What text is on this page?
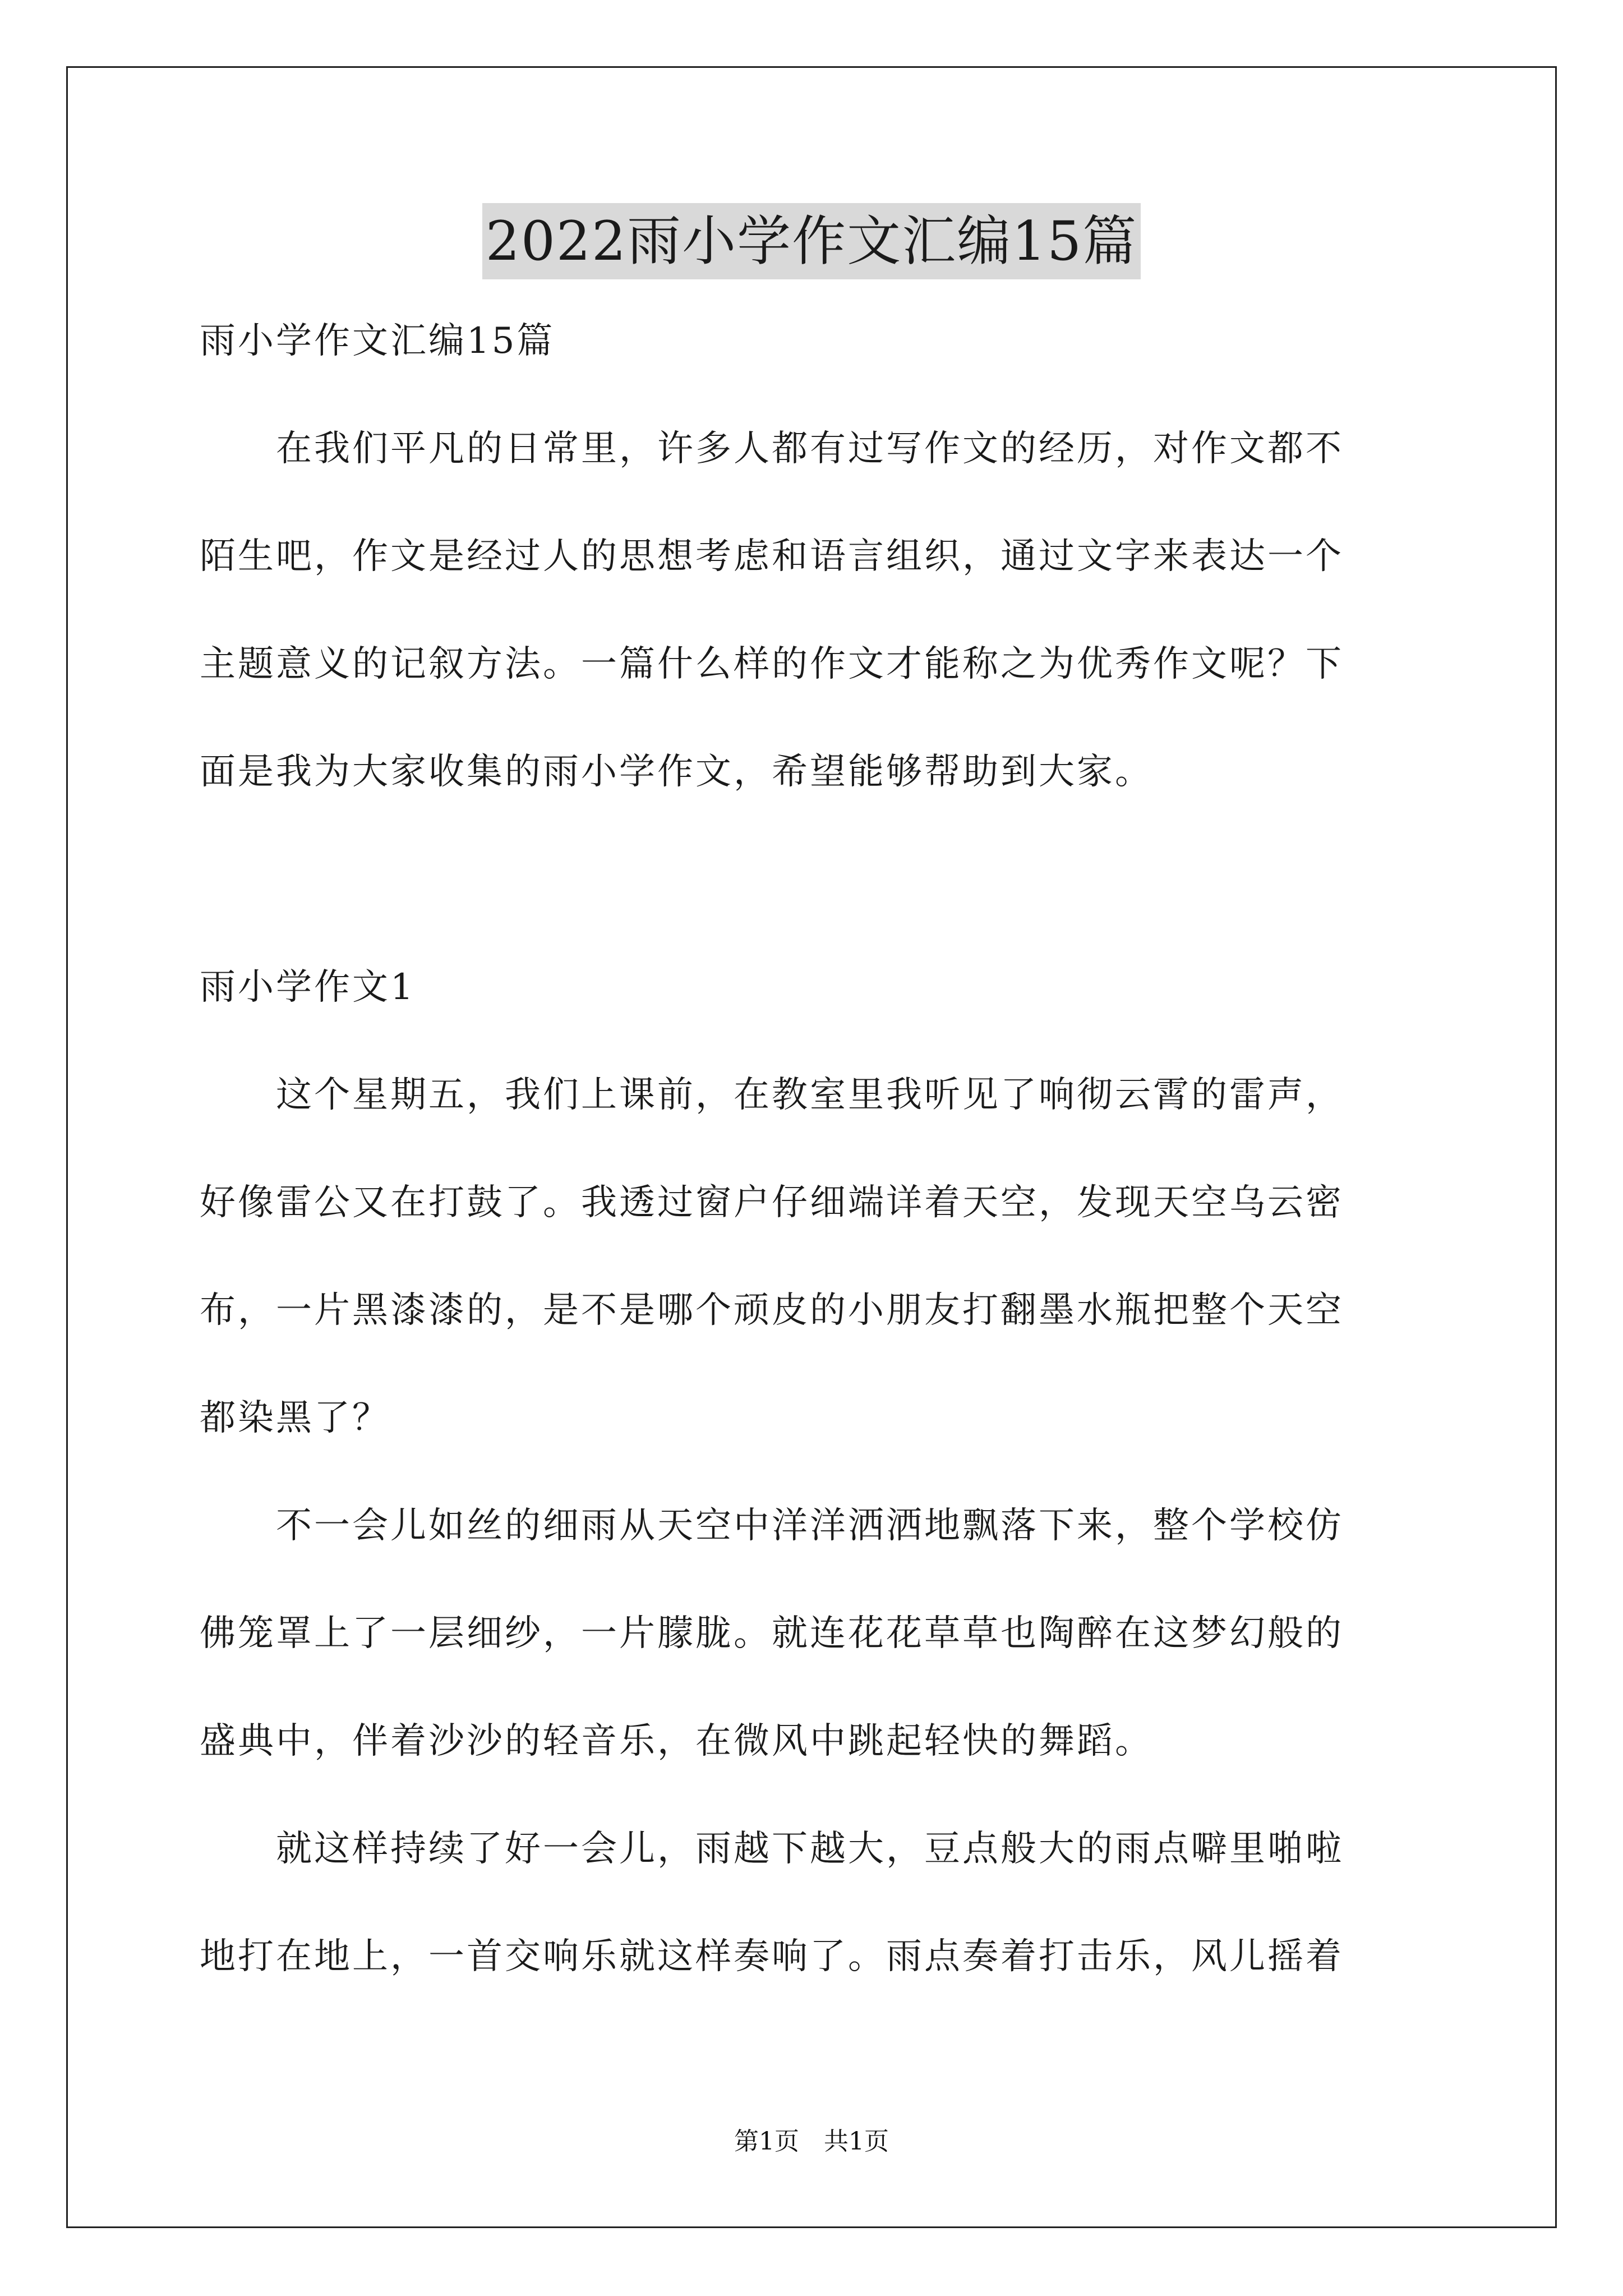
2022雨小学作文汇编15篇

雨小学作文汇编15篇

　　在我们平凡的日常里，许多人都有过写作文的经历，对作文都不

陌生吧，作文是经过人的思想考虑和语言组织，通过文字来表达一个

主题意义的记叙方法。一篇什么样的作文才能称之为优秀作文呢？下

面是我为大家收集的雨小学作文，希望能够帮助到大家。

雨小学作文1

　　这个星期五，我们上课前，在教室里我听见了响彻云霄的雷声，

好像雷公又在打鼓了。我透过窗户仔细端详着天空，发现天空乌云密

布，一片黑漆漆的，是不是哪个顽皮的小朋友打翻墨水瓶把整个天空

都染黑了？

　　不一会儿如丝的细雨从天空中洋洋洒洒地飘落下来，整个学校仿

佛笼罩上了一层细纱，一片朦胧。就连花花草草也陶醉在这梦幻般的

盛典中，伴着沙沙的轻音乐，在微风中跳起轻快的舞蹈。

　　就这样持续了好一会儿，雨越下越大，豆点般大的雨点噼里啪啦

地打在地上，一首交响乐就这样奏响了。雨点奏着打击乐，风儿摇着

第1页　共1页
